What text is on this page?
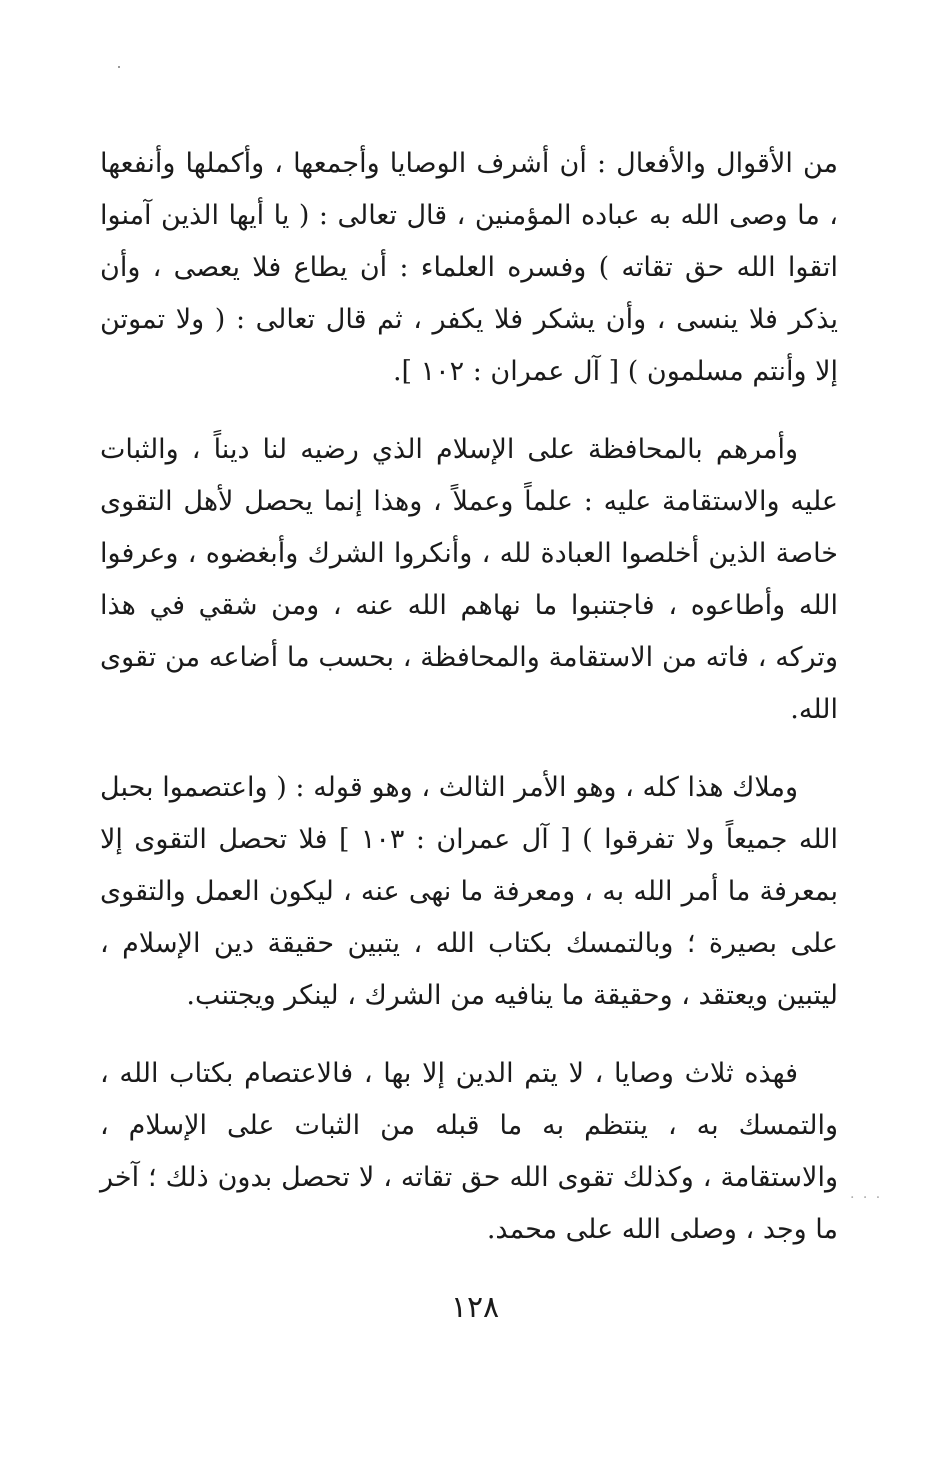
من الأقوال والأفعال : أن أشرف الوصايا وأجمعها ، وأكملها وأنفعها ، ما وصى الله به عباده المؤمنين ، قال تعالى : ( يا أيها الذين آمنوا اتقوا الله حق تقاته ) وفسره العلماء : أن يطاع فلا يعصى ، وأن يذكر فلا ينسى ، وأن يشكر فلا يكفر ، ثم قال تعالى : ( ولا تموتن إلا وأنتم مسلمون ) [ آل عمران : ١٠٢ ].

وأمرهم بالمحافظة على الإسلام الذي رضيه لنا ديناً ، والثبات عليه والاستقامة عليه : علماً وعملاً ، وهذا إنما يحصل لأهل التقوى خاصة الذين أخلصوا العبادة لله ، وأنكروا الشرك وأبغضوه ، وعرفوا الله وأطاعوه ، فاجتنبوا ما نهاهم الله عنه ، ومن شقي في هذا وتركه ، فاته من الاستقامة والمحافظة ، بحسب ما أضاعه من تقوى الله.

وملاك هذا كله ، وهو الأمر الثالث ، وهو قوله : ( واعتصموا بحبل الله جميعاً ولا تفرقوا ) [ آل عمران : ١٠٣ ] فلا تحصل التقوى إلا بمعرفة ما أمر الله به ، ومعرفة ما نهى عنه ، ليكون العمل والتقوى على بصيرة ؛ وبالتمسك بكتاب الله ، يتبين حقيقة دين الإسلام ، ليتبين ويعتقد ، وحقيقة ما ينافيه من الشرك ، لينكر ويجتنب.

فهذه ثلاث وصايا ، لا يتم الدين إلا بها ، فالاعتصام بكتاب الله ، والتمسك به ، ينتظم به ما قبله من الثبات على الإسلام ، والاستقامة ، وكذلك تقوى الله حق تقاته ، لا تحصل بدون ذلك ؛ آخر ما وجد ، وصلى الله على محمد.

· · ·
١٢٨
